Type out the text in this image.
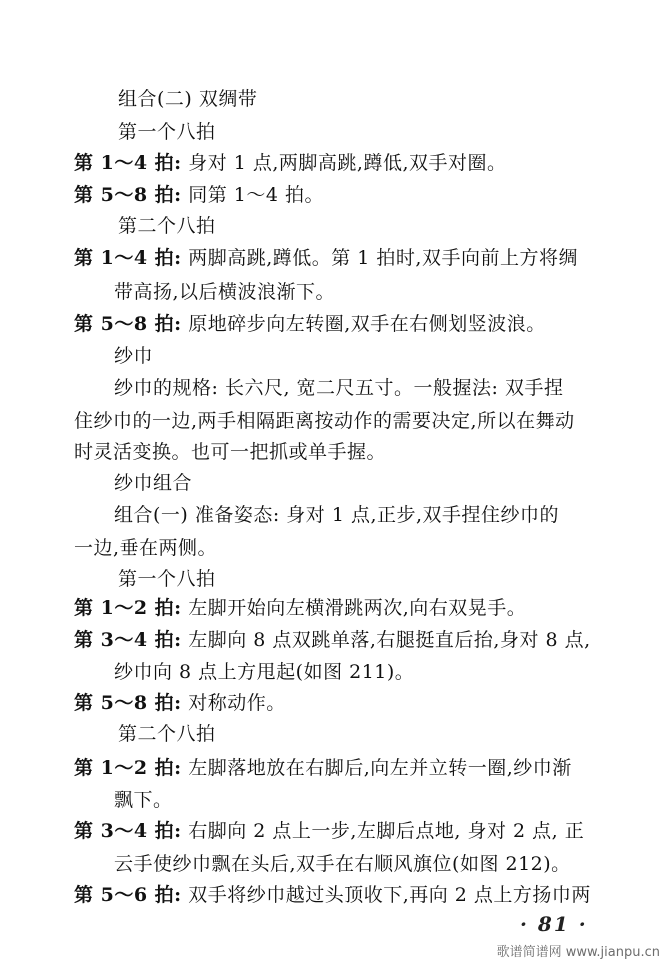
组合(二) 双绸带
第一个八拍
第 1～4 拍: 身对 1 点,两脚高跳,蹲低,双手对圈。
第 5～8 拍: 同第 1～4 拍。
第二个八拍
第 1～4 拍: 两脚高跳,蹲低。第 1 拍时,双手向前上方将绸
带高扬,以后横波浪渐下。
第 5～8 拍: 原地碎步向左转圈,双手在右侧划竖波浪。
纱巾
纱巾的规格: 长六尺, 宽二尺五寸。一般握法: 双手捏
住纱巾的一边,两手相隔距离按动作的需要决定,所以在舞动
时灵活变换。也可一把抓或单手握。
纱巾组合
组合(一) 准备姿态: 身对 1 点,正步,双手捏住纱巾的
一边,垂在两侧。
第一个八拍
第 1～2 拍: 左脚开始向左横滑跳两次,向右双晃手。
第 3～4 拍: 左脚向 8 点双跳单落,右腿挺直后抬,身对 8 点,
纱巾向 8 点上方甩起(如图 211)。
第 5～8 拍: 对称动作。
第二个八拍
第 1～2 拍: 左脚落地放在右脚后,向左并立转一圈,纱巾渐
飘下。
第 3～4 拍: 右脚向 2 点上一步,左脚后点地, 身对 2 点, 正
云手使纱巾飘在头后,双手在右顺风旗位(如图 212)。
第 5～6 拍: 双手将纱巾越过头顶收下,再向 2 点上方扬巾两
· 81 ·
歌谱简谱网 www.jianpu.cn
